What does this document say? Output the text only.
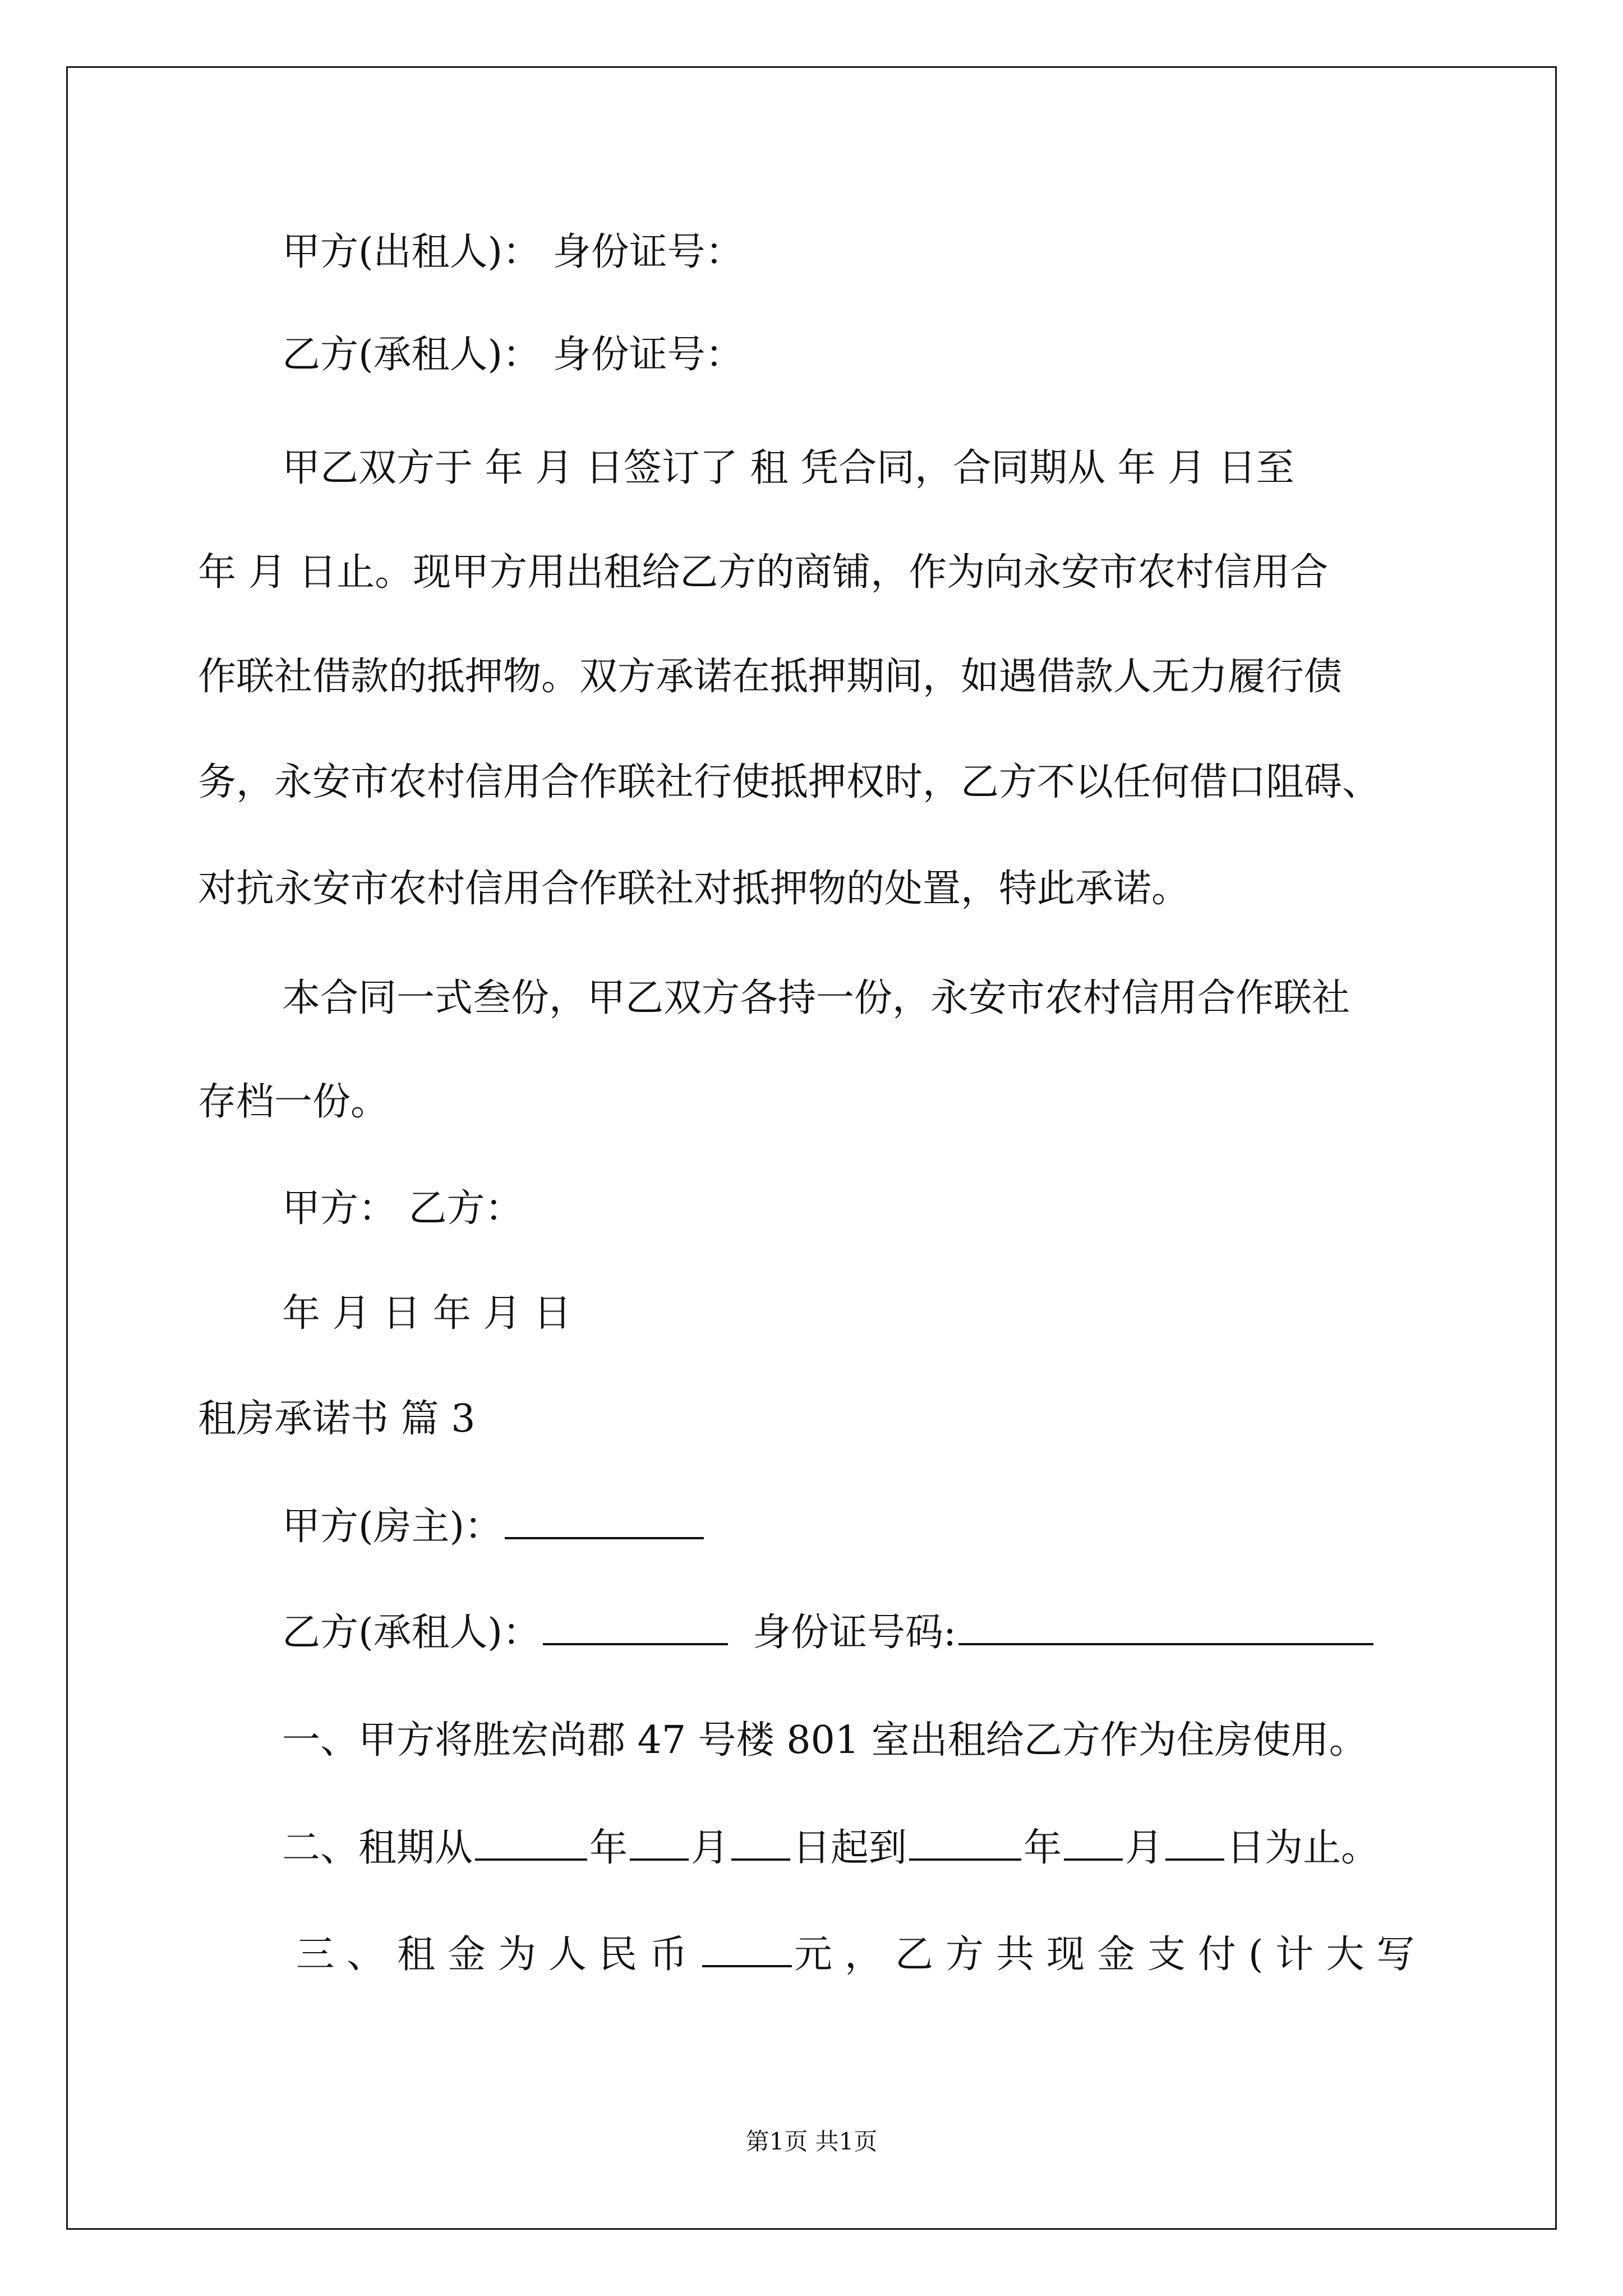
甲方(出租人)： 身份证号：
乙方(承租人)： 身份证号：
甲乙双方于 年 月 日签订了 租 凭合同，合同期从 年 月 日至
年 月 日止。现甲方用出租给乙方的商铺，作为向永安市农村信用合
作联社借款的抵押物。双方承诺在抵押期间，如遇借款人无力履行债
务，永安市农村信用合作联社行使抵押权时，乙方不以任何借口阻碍、
对抗永安市农村信用合作联社对抵押物的处置，特此承诺。
本合同一式叁份，甲乙双方各持一份，永安市农村信用合作联社
存档一份。
甲方： 乙方：
年 月 日 年 月 日
租房承诺书 篇 3
甲方(房主)：
乙方(承租人)：	身份证号码:
一、甲方将胜宏尚郡 47 号楼 801 室出租给乙方作为住房使用。
二、租期从	年 月 日起到	年 月 日为止。
三、租金为人民币 元，乙方共现金支付(计大写
第1页 共1页
